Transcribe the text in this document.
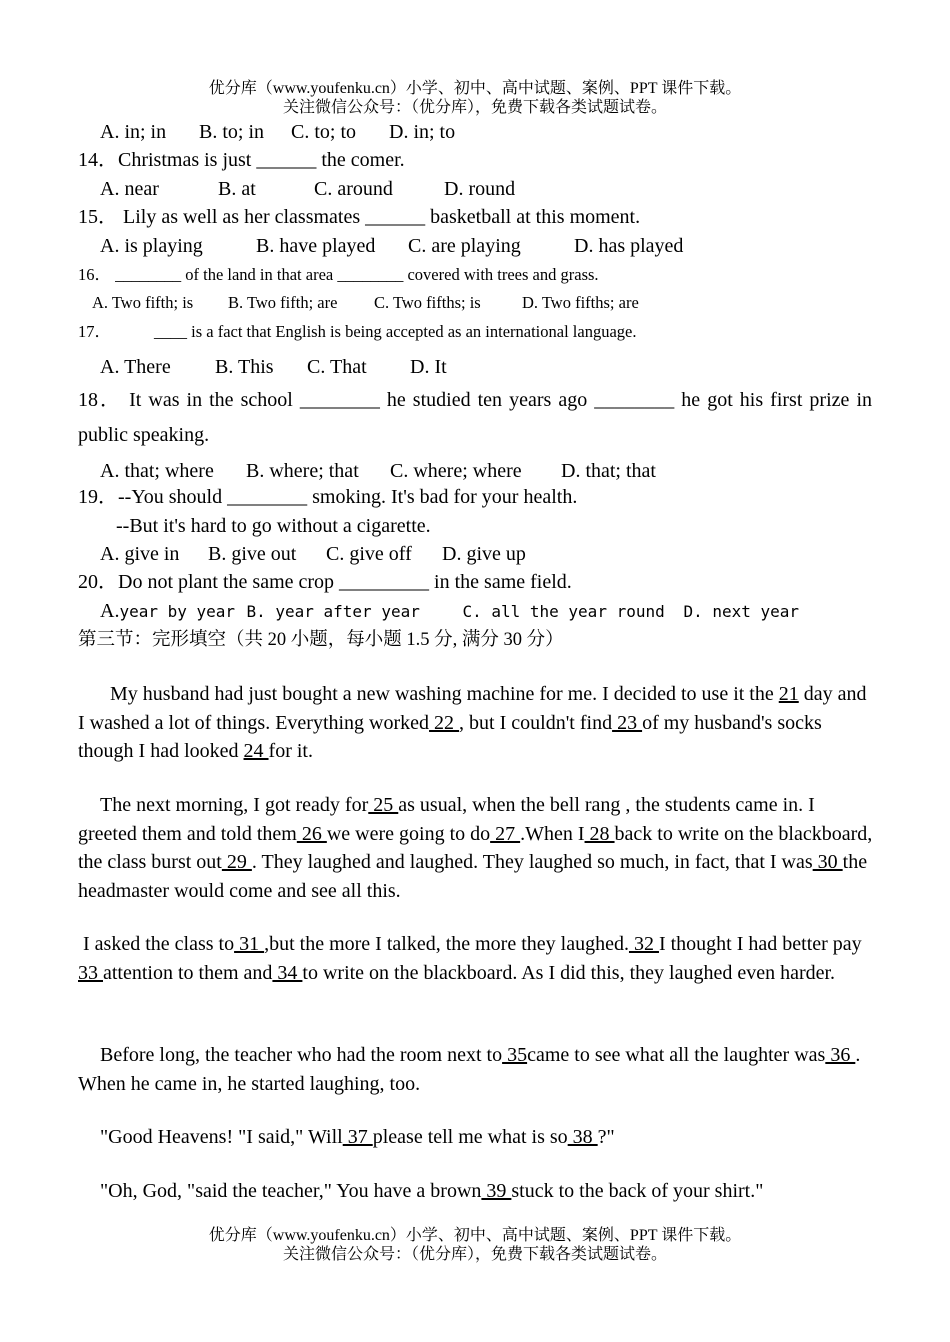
优分库（www.youfenku.cn）小学、初中、高中试题、案例、PPT 课件下载。
关注微信公众号：（优分库），免费下载各类试题试卷。
A. in; in B. to; in C. to; to D. in; to
14．Christmas is just ______ the comer.
A. near	B. at	C. around	D. round
15． Lily as well as her classmates ______ basketball at this moment.
A. is playing	B. have played C. are playing	D. has played
16． ________ of the land in that area ________ covered with trees and grass.
A. Two fifth; is B. Two fifth; are C. Two fifths; is	D. Two fifths; are
17．	____ is a fact that English is being accepted as an international language.
A. There B. This C. That D. It
18． It was in the school ________ he studied ten years ago ________ he got his first prize in public speaking.
A. that; where B. where; that C. where; where D. that; that
19．--You should ________ smoking. It's bad for your health.
--But it's hard to go without a cigarette.
A. give in B. give out C. give off D. give up
20．Do not plant the same crop _________ in the same field.
A.year by year B. year after year	C. all the year round D. next year
第三节：完形填空（共 20 小题，每小题 1.5 分, 满分 30 分）
My husband had just bought a new washing machine for me. I decided to use it the 21 day and I washed a lot of things. Everything worked 22 , but I couldn't find 23 of my husband's socks though I had looked 24 for it.
The next morning, I got ready for 25 as usual, when the bell rang , the students came in. I greeted them and told them 26 we were going to do 27 .When I 28 back to write on the blackboard, the class burst out 29 . They laughed and laughed. They laughed so much, in fact, that I was 30 the headmaster would come and see all this.
I asked the class to 31 ,but the more I talked, the more they laughed. 32 I thought I had better pay 33 attention to them and 34 to write on the blackboard. As I did this, they laughed even harder.
Before long, the teacher who had the room next to 35came to see what all the laughter was 36 . When he came in, he started laughing, too.
"Good Heavens! "I said," Will 37 please tell me what is so 38 ?"
"Oh, God, "said the teacher," You have a brown 39 stuck to the back of your shirt."
优分库（www.youfenku.cn）小学、初中、高中试题、案例、PPT 课件下载。
关注微信公众号：（优分库），免费下载各类试题试卷。
